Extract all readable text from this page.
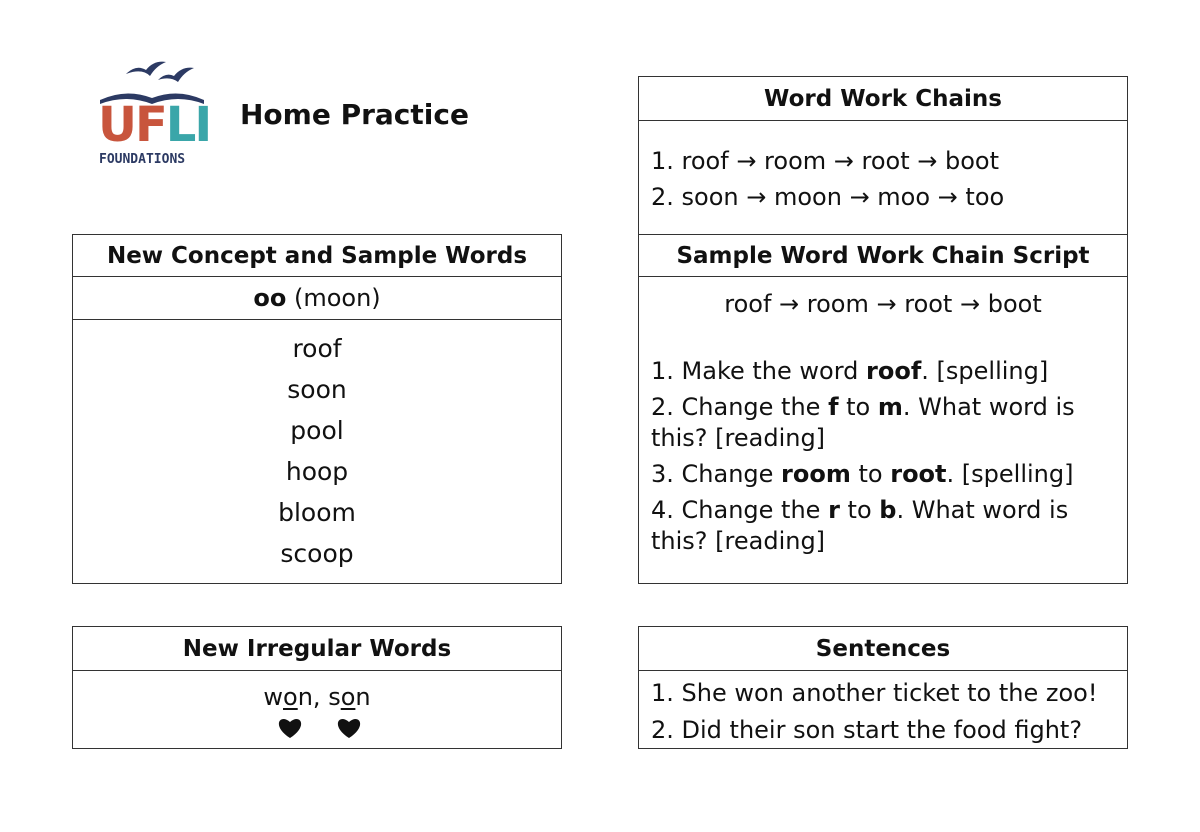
UFLI
FOUNDATIONS
Home Practice	Word Work Chains
1. roof → room → root → boot
2. soon → moon → moo → too
New Concept and Sample Words
oo (moon)
roof
soon
pool
hoop
bloom
scoop
Sample Word Work Chain Script
roof → room → root → boot
1. Make the word roof. [spelling]
2. Change the f to m. What word is this? [reading]
3. Change room to root. [spelling]
4. Change the r to b. What word is this? [reading]
New Irregular Words
won, son
Sentences
1. She won another ticket to the zoo!
2. Did their son start the food fight?
